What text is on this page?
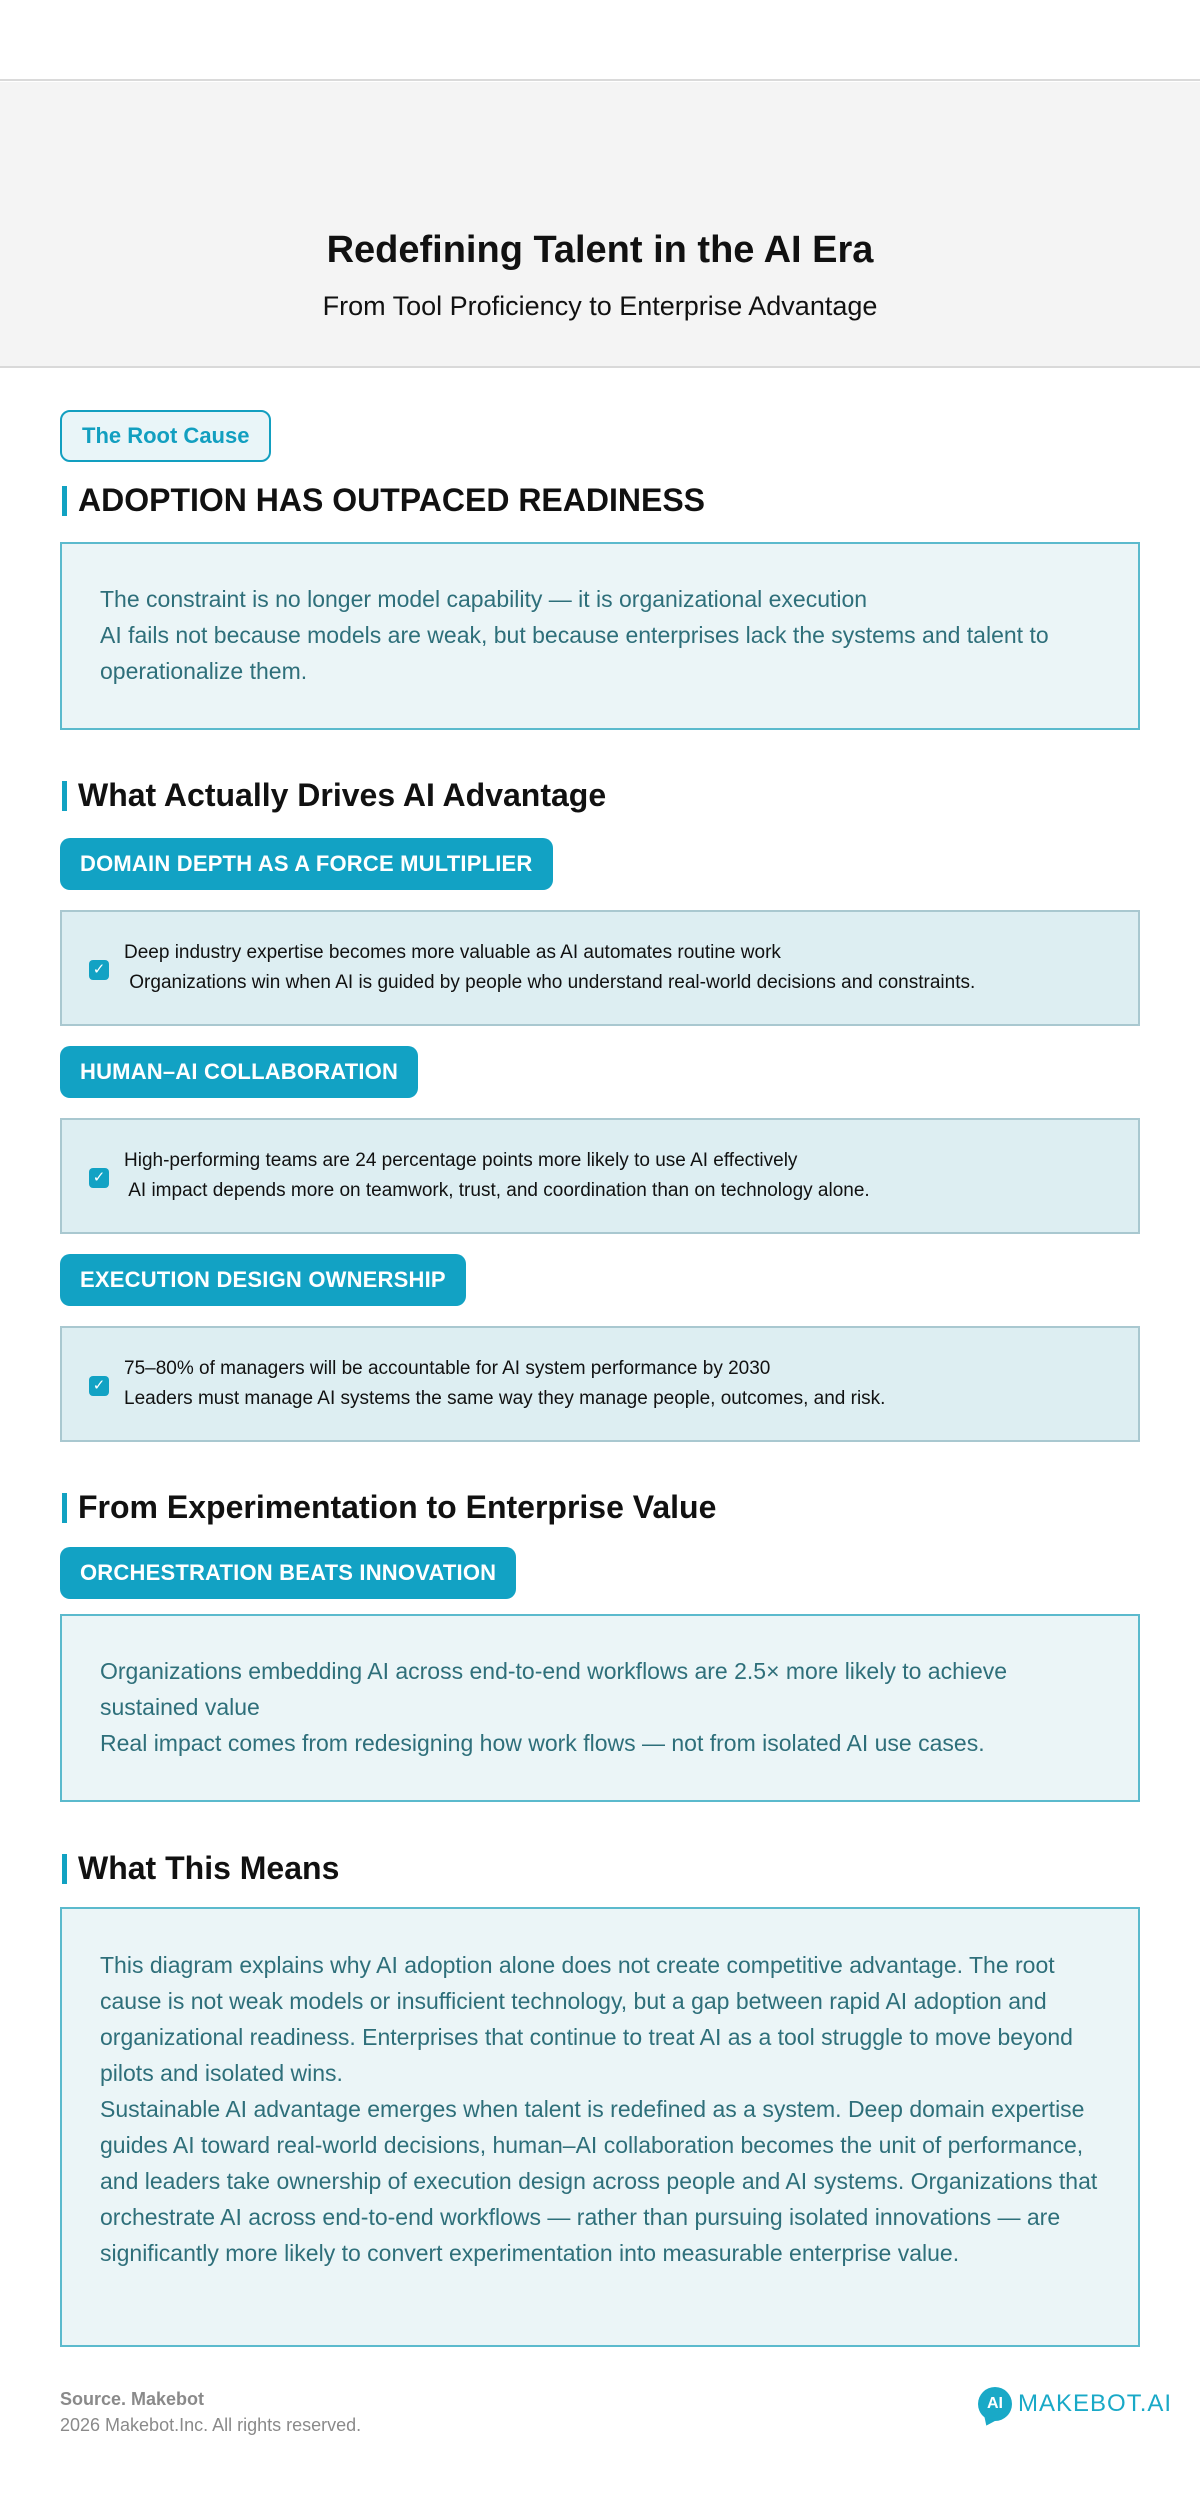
Redefining Talent in the AI Era
From Tool Proficiency to Enterprise Advantage
The Root Cause
ADOPTION HAS OUTPACED READINESS

The constraint is no longer model capability — it is organizational execution
AI fails not because models are weak, but because enterprises lack the systems and talent to operationalize them.

What Actually Drives AI Advantage
DOMAIN DEPTH AS A FORCE MULTIPLIER
✓
Deep industry expertise becomes more valuable as AI automates routine work
Organizations win when AI is guided by people who understand real-world decisions and constraints.
HUMAN–AI COLLABORATION
✓
High-performing teams are 24 percentage points more likely to use AI effectively
AI impact depends more on teamwork, trust, and coordination than on technology alone.
EXECUTION DESIGN OWNERSHIP
✓
75–80% of managers will be accountable for AI system performance by 2030
Leaders must manage AI systems the same way they manage people, outcomes, and risk.
From Experimentation to Enterprise Value
ORCHESTRATION BEATS INNOVATION

Organizations embedding AI across end-to-end workflows are 2.5× more likely to achieve sustained value
Real impact comes from redesigning how work flows — not from isolated AI use cases.

What This Means

This diagram explains why AI adoption alone does not create competitive advantage. The root cause is not weak models or insufficient technology, but a gap between rapid AI adoption and organizational readiness. Enterprises that continue to treat AI as a tool struggle to move beyond pilots and isolated wins.
Sustainable AI advantage emerges when talent is redefined as a system. Deep domain expertise guides AI toward real-world decisions, human–AI collaboration becomes the unit of performance, and leaders take ownership of execution design across people and AI systems. Organizations that orchestrate AI across end-to-end workflows — rather than pursuing isolated innovations — are significantly more likely to convert experimentation into measurable enterprise value.

Source. Makebot
2026 Makebot.Inc. All rights reserved.
AI MAKEBOT.AI
